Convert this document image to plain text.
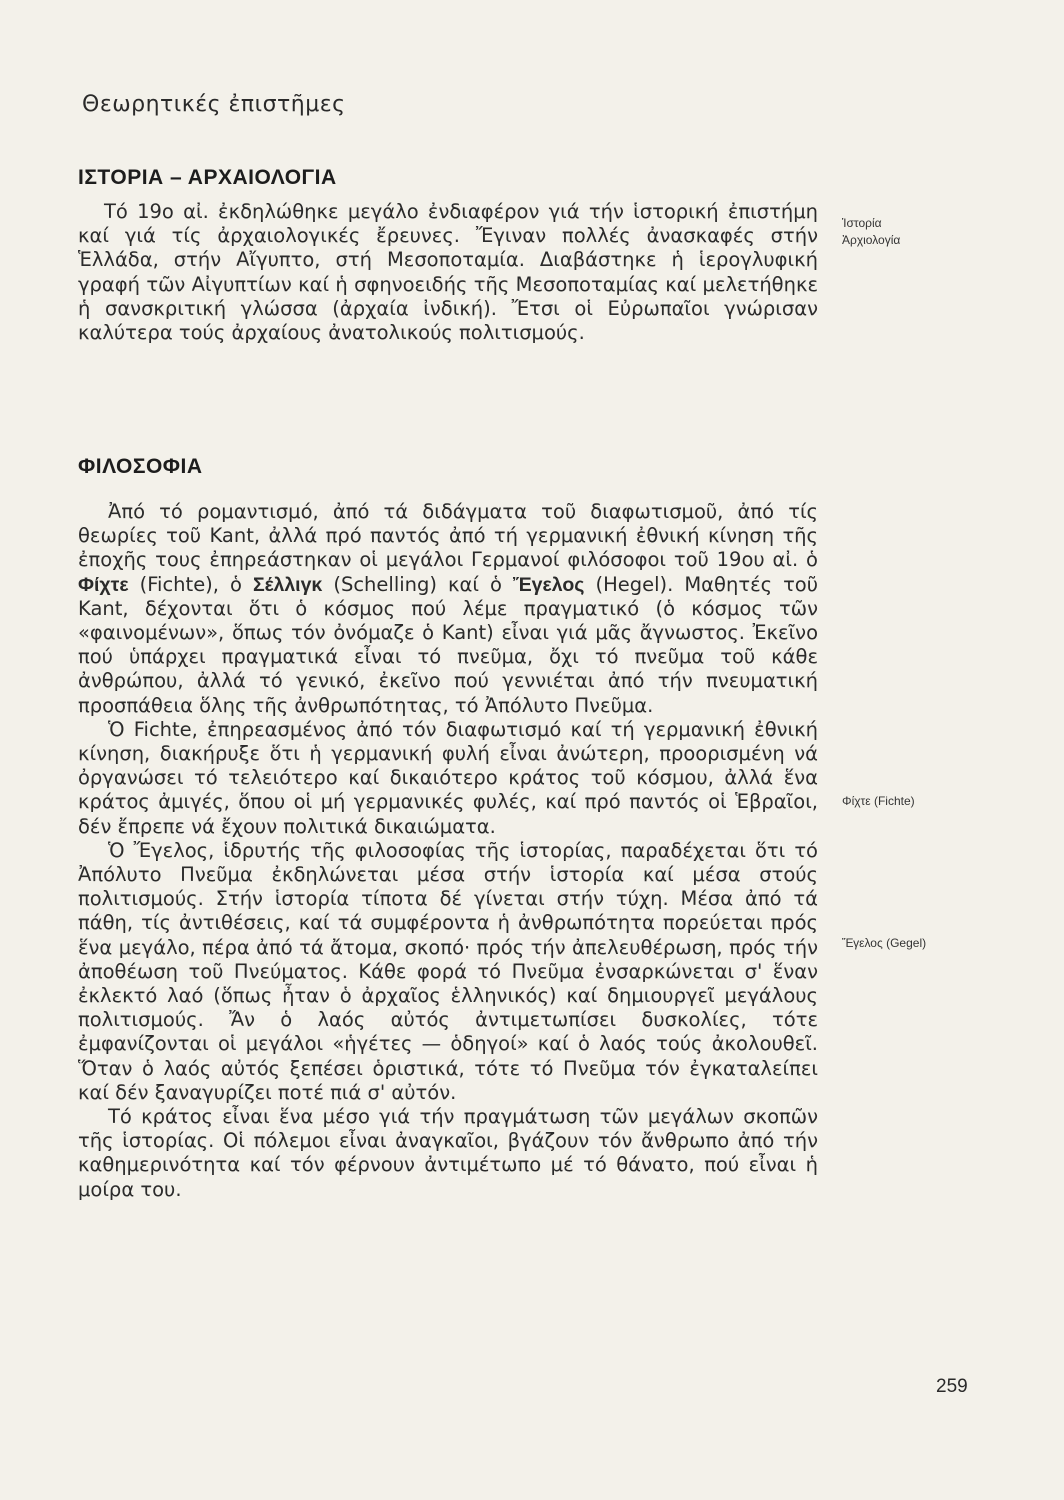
Θεωρητικές ἐπιστῆμες
ΙΣΤΟΡΙΑ – ΑΡΧΑΙΟΛΟΓΙΑ

Τό 19ο αἰ. ἐκδηλώθηκε μεγάλο ἐνδιαφέρον γιά τήν ἱστορική ἐπιστήμη καί γιά τίς ἀρχαιολογικές ἔρευνες. Ἔγιναν πολλές ἀνασκαφές στήν Ἑλλάδα, στήν Αἴγυπτο, στή Μεσοποταμία. Διαβάστηκε ἡ ἱερογλυφική γραφή τῶν Αἰγυπτίων καί ἡ σφηνοειδής τῆς Μεσοποταμίας καί μελετήθηκε ἡ σανσκριτική γλώσσα (ἀρχαία ἰνδική). Ἔτσι οἱ Εὐρωπαῖοι γνώρισαν καλύτερα τούς ἀρχαίους ἀνατολικούς πολιτισμούς.

ΦΙΛΟΣΟΦΙΑ

Ἀπό τό ρομαντισμό, ἀπό τά διδάγματα τοῦ διαφωτισμοῦ, ἀπό τίς θεωρίες τοῦ Kant, ἀλλά πρό παντός ἀπό τή γερμανική ἐθνική κίνηση τῆς ἐποχῆς τους ἐπηρεάστηκαν οἱ μεγάλοι Γερμανοί φιλόσοφοι τοῦ 19ου αἰ. ὁ Φίχτε (Fichte), ὁ Σέλλιγκ (Schelling) καί ὁ Ἔγελος (Hegel). Μαθητές τοῦ Kant, δέχονται ὅτι ὁ κόσμος πού λέμε πραγματικό (ὁ κόσμος τῶν «φαινομένων», ὅπως τόν ὀνόμαζε ὁ Kant) εἶναι γιά μᾶς ἄγνωστος. Ἐκεῖνο πού ὑπάρχει πραγματικά εἶναι τό πνεῦμα, ὄχι τό πνεῦμα τοῦ κάθε ἀνθρώπου, ἀλλά τό γενικό, ἐκεῖνο πού γεννιέται ἀπό τήν πνευματική προσπάθεια ὅλης τῆς ἀνθρωπότητας, τό Ἀπόλυτο Πνεῦμα.

Ὁ Fichte, ἐπηρεασμένος ἀπό τόν διαφωτισμό καί τή γερμανική ἐθνική κίνηση, διακήρυξε ὅτι ἡ γερμανική φυλή εἶναι ἀνώτερη, προορισμένη νά ὀργανώσει τό τελειότερο καί δικαιότερο κράτος τοῦ κόσμου, ἀλλά ἕνα κράτος ἀμιγές, ὅπου οἱ μή γερμανικές φυλές, καί πρό παντός οἱ Ἑβραῖοι, δέν ἔπρεπε νά ἔχουν πολιτικά δικαιώματα.

Ὁ Ἔγελος, ἱδρυτής τῆς φιλοσοφίας τῆς ἱστορίας, παραδέχεται ὅτι τό Ἀπόλυτο Πνεῦμα ἐκδηλώνεται μέσα στήν ἱστορία καί μέσα στούς πολιτισμούς. Στήν ἱστορία τίποτα δέ γίνεται στήν τύχη. Μέσα ἀπό τά πάθη, τίς ἀντιθέσεις, καί τά συμφέροντα ἡ ἀνθρωπότητα πορεύεται πρός ἕνα μεγάλο, πέρα ἀπό τά ἄτομα, σκοπό· πρός τήν ἀπελευθέρωση, πρός τήν ἀποθέωση τοῦ Πνεύματος. Κάθε φορά τό Πνεῦμα ἐνσαρκώνεται σ' ἕναν ἐκλεκτό λαό (ὅπως ἦταν ὁ ἀρχαῖος ἑλληνικός) καί δημιουργεῖ μεγάλους πολιτισμούς. Ἄν ὁ λαός αὐτός ἀντιμετωπίσει δυσκολίες, τότε ἐμφανίζονται οἱ μεγάλοι «ἡγέτες — ὁδηγοί» καί ὁ λαός τούς ἀκολουθεῖ. Ὅταν ὁ λαός αὐτός ξεπέσει ὁριστικά, τότε τό Πνεῦμα τόν ἐγκαταλείπει καί δέν ξαναγυρίζει ποτέ πιά σ' αὐτόν.

Τό κράτος εἶναι ἕνα μέσο γιά τήν πραγμάτωση τῶν μεγάλων σκοπῶν τῆς ἱστορίας. Οἱ πόλεμοι εἶναι ἀναγκαῖοι, βγάζουν τόν ἄνθρωπο ἀπό τήν καθημερινότητα καί τόν φέρνουν ἀντιμέτωπο μέ τό θάνατο, πού εἶναι ἡ μοίρα του.

Ἱστορία
Ἀρχιολογία
Φίχτε (Fichte)
Ἔγελος (Gegel)
259
